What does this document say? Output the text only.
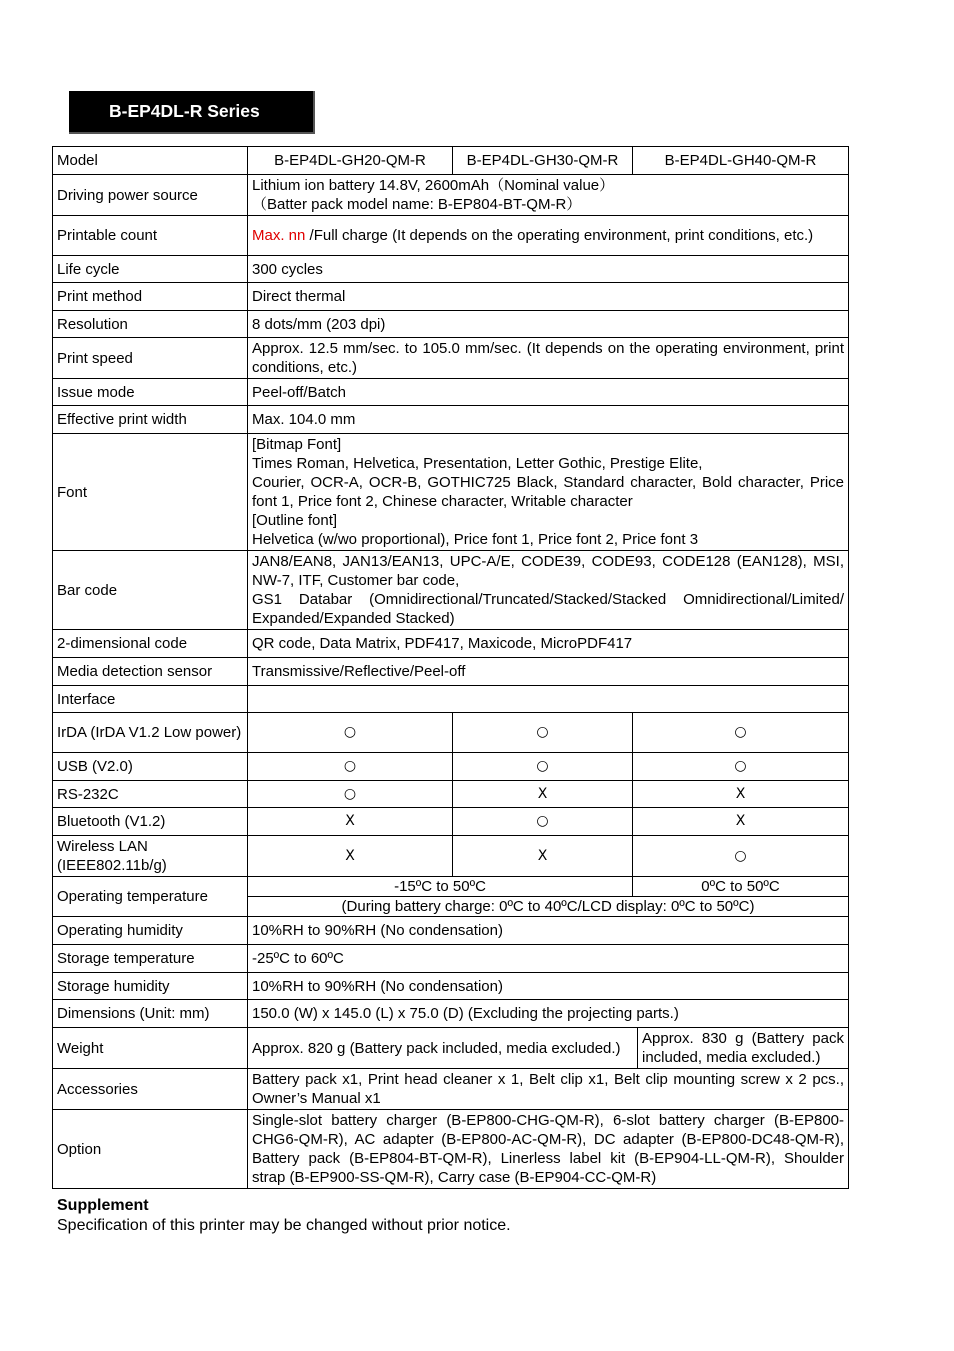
B-EP4DL-R Series
Model	B-EP4DL-GH20-QM-R	B-EP4DL-GH30-QM-R	B-EP4DL-GH40-QM-R	
Driving power source	Lithium ion battery 14.8V, 2600mAh（Nominal value）
（Batter pack model name: B-EP804-BT-QM-R）			

Printable count	Max. nn /Full charge (It depends on the operating environment, print conditions, etc.)			
Life cycle	300 cycles			
Print method	Direct thermal			
Resolution	8 dots/mm (203 dpi)			
Print speed	Approx. 12.5 mm/sec. to 105.0 mm/sec. (It depends on the operating environment, print conditions, etc.)			
Issue mode	Peel-off/Batch			
Effective print width	Max. 104.0 mm			
Font	[Bitmap Font]
Times Roman, Helvetica, Presentation, Letter Gothic, Prestige Elite,
Courier, OCR-A, OCR-B, GOTHIC725 Black, Standard character, Bold character, Price font 1, Price font 2, Chinese character, Writable character
[Outline font]
Helvetica (w/wo proportional), Price font 1, Price font 2, Price font 3			

Bar code	JAN8/EAN8, JAN13/EAN13, UPC-A/E, CODE39, CODE93, CODE128 (EAN128), MSI, NW-7, ITF, Customer bar code,
GS1 Databar (Omnidirectional/Truncated/Stacked/Stacked Omnidirectional/Limited/ Expanded/Expanded Stacked)			

2-dimensional code	QR code, Data Matrix, PDF417, Maxicode, MicroPDF417			
Media detection sensor	Transmissive/Reflective/Peel-off			
Interface				
IrDA (IrDA V1.2 Low power)	○	○	○	
USB (V2.0)	○	○	○	
RS-232C	○	X	X	
Bluetooth (V1.2)	X	○	X	
Wireless LAN (IEEE802.11b/g)	X	X	○	
Operating temperature	-15ºC to 50ºC		0ºC to 50ºC	
	(During battery charge: 0ºC to 40ºC/LCD display: 0ºC to 50ºC)			
Operating humidity	10%RH to 90%RH (No condensation)			
Storage temperature	-25ºC to 60ºC			
Storage humidity	10%RH to 90%RH (No condensation)			
Dimensions (Unit: mm)	150.0 (W) x 145.0 (L) x 75.0 (D) (Excluding the projecting parts.)			
Weight	Approx. 820 g (Battery pack included, media excluded.)			Approx. 830 g (Battery pack included, media excluded.)
Accessories	Battery pack x1, Print head cleaner x 1, Belt clip x1, Belt clip mounting screw x 2 pcs., Owner’s Manual x1			
Option	Single-slot battery charger (B-EP800-CHG-QM-R), 6-slot battery charger (B-EP800-CHG6-QM-R), AC adapter (B-EP800-AC-QM-R), DC adapter (B-EP800-DC48-QM-R), Battery pack (B-EP804-BT-QM-R), Linerless label kit (B-EP904-LL-QM-R), Shoulder strap (B-EP900-SS-QM-R), Carry case (B-EP904-CC-QM-R)			
Supplement
Specification of this printer may be changed without prior notice.
